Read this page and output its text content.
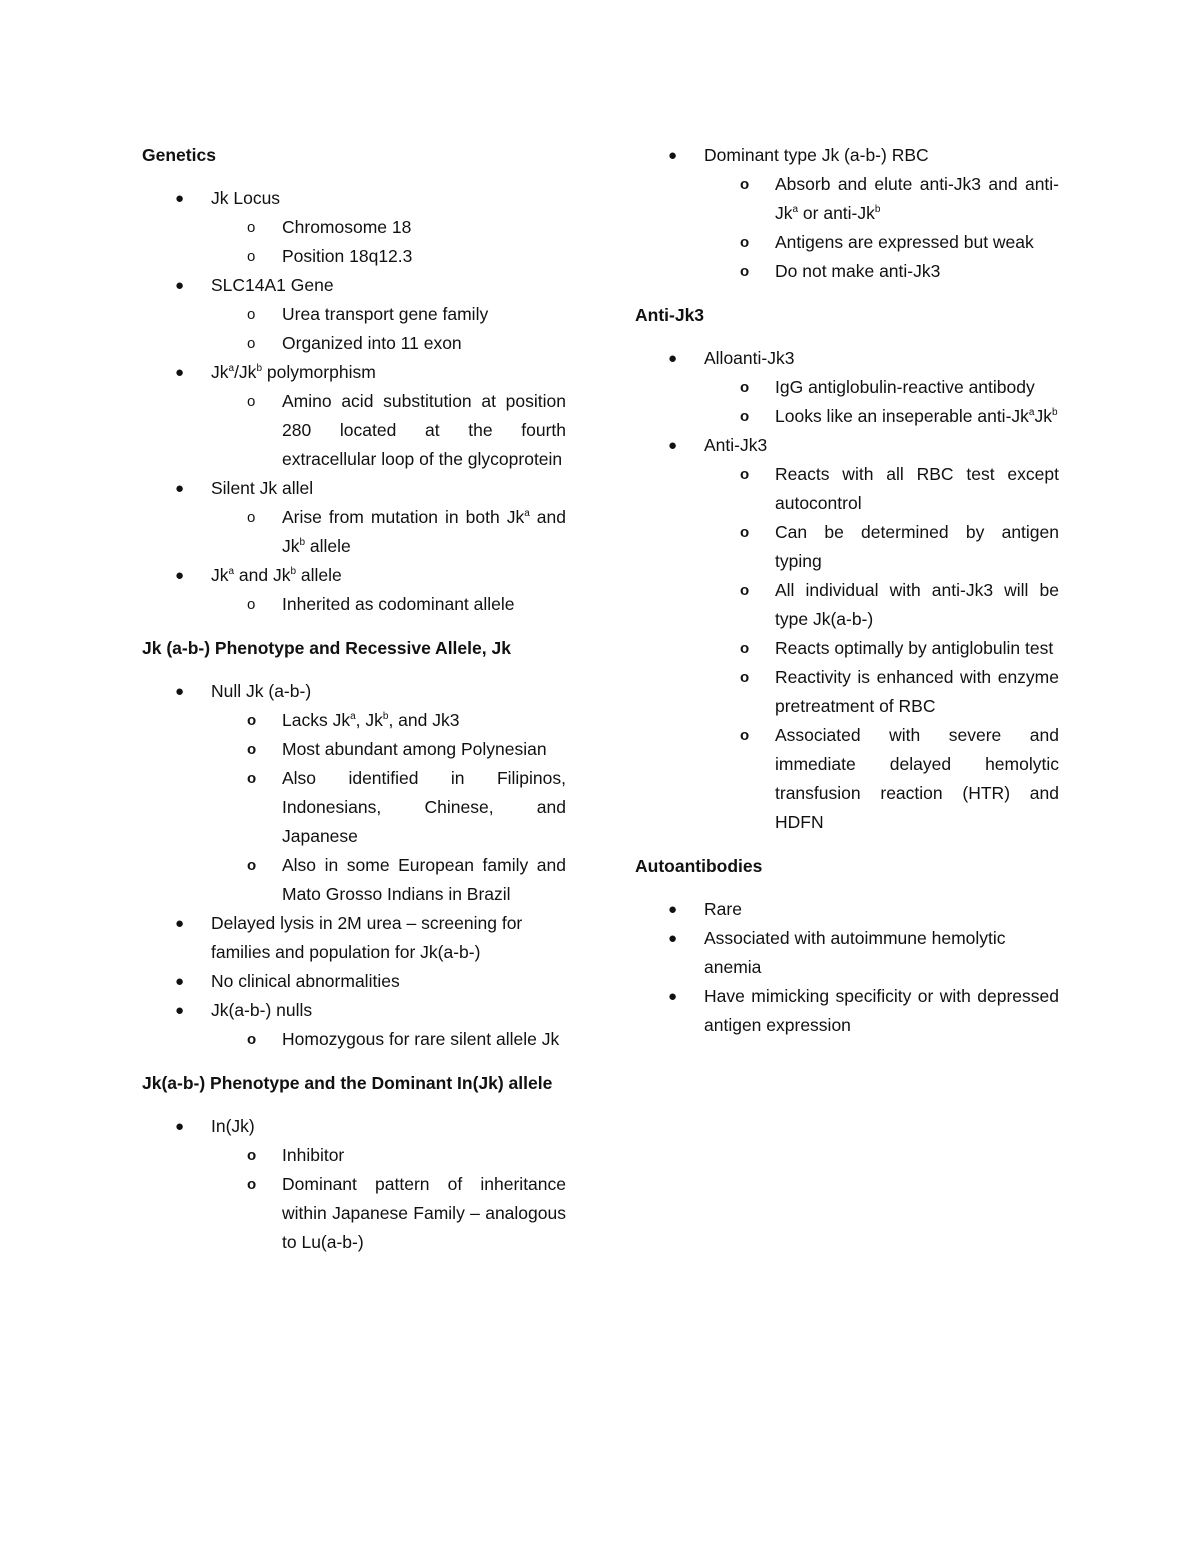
Genetics
● Jk Locus
o Chromosome 18
o Position 18q12.3
● SLC14A1 Gene
o Urea transport gene family
o Organized into 11 exon
● Jk$^a$/Jk$^b$ polymorphism
o Amino acid substitution at position 280 located at the fourth extracellular loop of the glycoprotein
● Silent Jk allel
o Arise from mutation in both Jk$^a$ and Jk$^b$ allele
● Jk$^a$ and Jk$^b$ allele
o Inherited as codominant allele
Jk (a-b-) Phenotype and Recessive Allele, Jk
● Null Jk (a-b-)
o Lacks Jk$^a$, Jk$^b$, and Jk3
o Most abundant among Polynesian
o Also identified in Filipinos, Indonesians, Chinese, and Japanese
o Also in some European family and Mato Grosso Indians in Brazil
● Delayed lysis in 2M urea – screening for families and population for Jk(a-b-)
● No clinical abnormalities
● Jk(a-b-) nulls
o Homozygous for rare silent allele Jk
Jk(a-b-) Phenotype and the Dominant In(Jk) allele
● In(Jk)
o Inhibitor
o Dominant pattern of inheritance within Japanese Family – analogous to Lu(a-b-)
● Dominant type Jk (a-b-) RBC
o Absorb and elute anti-Jk3 and anti-Jk$^a$ or anti-Jk$^b$
o Antigens are expressed but weak
o Do not make anti-Jk3
Anti-Jk3
● Alloanti-Jk3
o IgG antiglobulin-reactive antibody
o Looks like an inseperable anti-Jk$^a$Jk$^b$
● Anti-Jk3
o Reacts with all RBC test except autocontrol
o Can be determined by antigen typing
o All individual with anti-Jk3 will be type Jk(a-b-)
o Reacts optimally by antiglobulin test
o Reactivity is enhanced with enzyme pretreatment of RBC
o Associated with severe and immediate delayed hemolytic transfusion reaction (HTR) and HDFN
Autoantibodies
● Rare
● Associated with autoimmune hemolytic anemia
● Have mimicking specificity or with depressed antigen expression
